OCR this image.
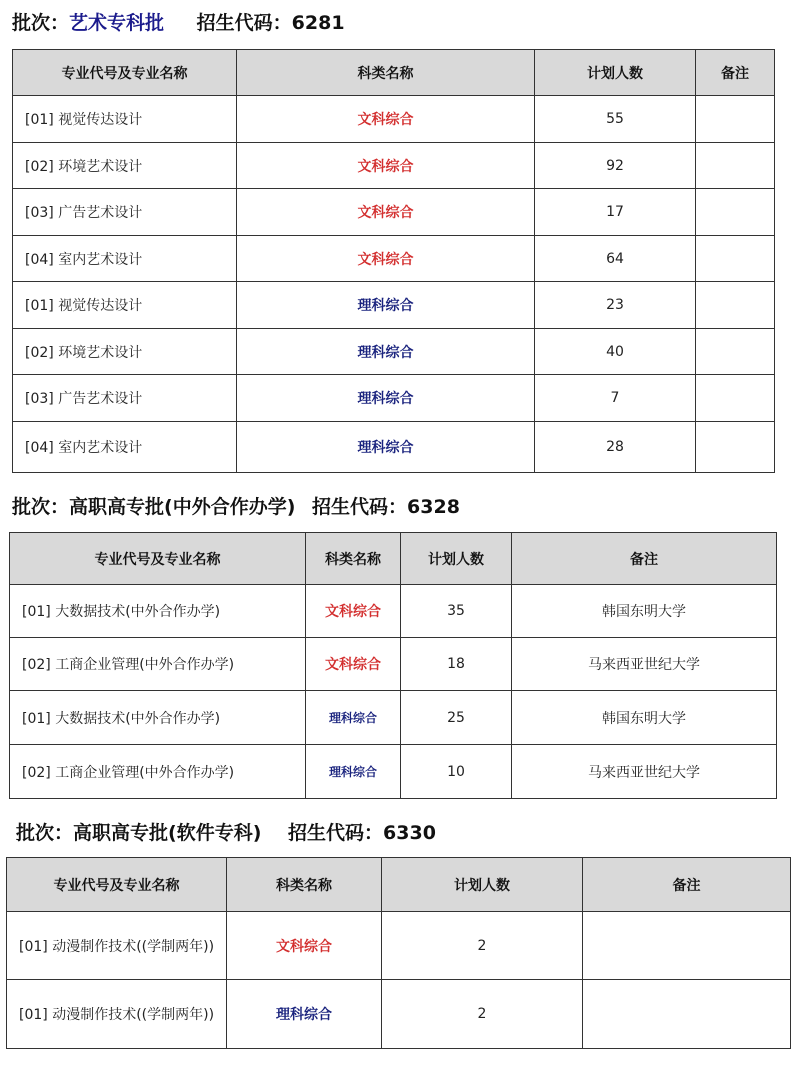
批次：艺术专科批 招生代码：6281
专业代号及专业名称	科类名称	计划人数	备注
[01] 视觉传达设计	文科综合	55	
[02] 环境艺术设计	文科综合	92	
[03] 广告艺术设计	文科综合	17	
[04] 室内艺术设计	文科综合	64	
[01] 视觉传达设计	理科综合	23	
[02] 环境艺术设计	理科综合	40	
[03] 广告艺术设计	理科综合	7	
[04] 室内艺术设计	理科综合	28	
批次：高职高专批(中外合作办学) 招生代码：6328
专业代号及专业名称	科类名称	计划人数	备注
[01] 大数据技术(中外合作办学)	文科综合	35	韩国东明大学
[02] 工商企业管理(中外合作办学)	文科综合	18	马来西亚世纪大学
[01] 大数据技术(中外合作办学)	理科综合	25	韩国东明大学
[02] 工商企业管理(中外合作办学)	理科综合	10	马来西亚世纪大学
批次：高职高专批(软件专科) 招生代码：6330
专业代号及专业名称	科类名称	计划人数	备注
[01] 动漫制作技术((学制两年))	文科综合	2	
[01] 动漫制作技术((学制两年))	理科综合	2	
